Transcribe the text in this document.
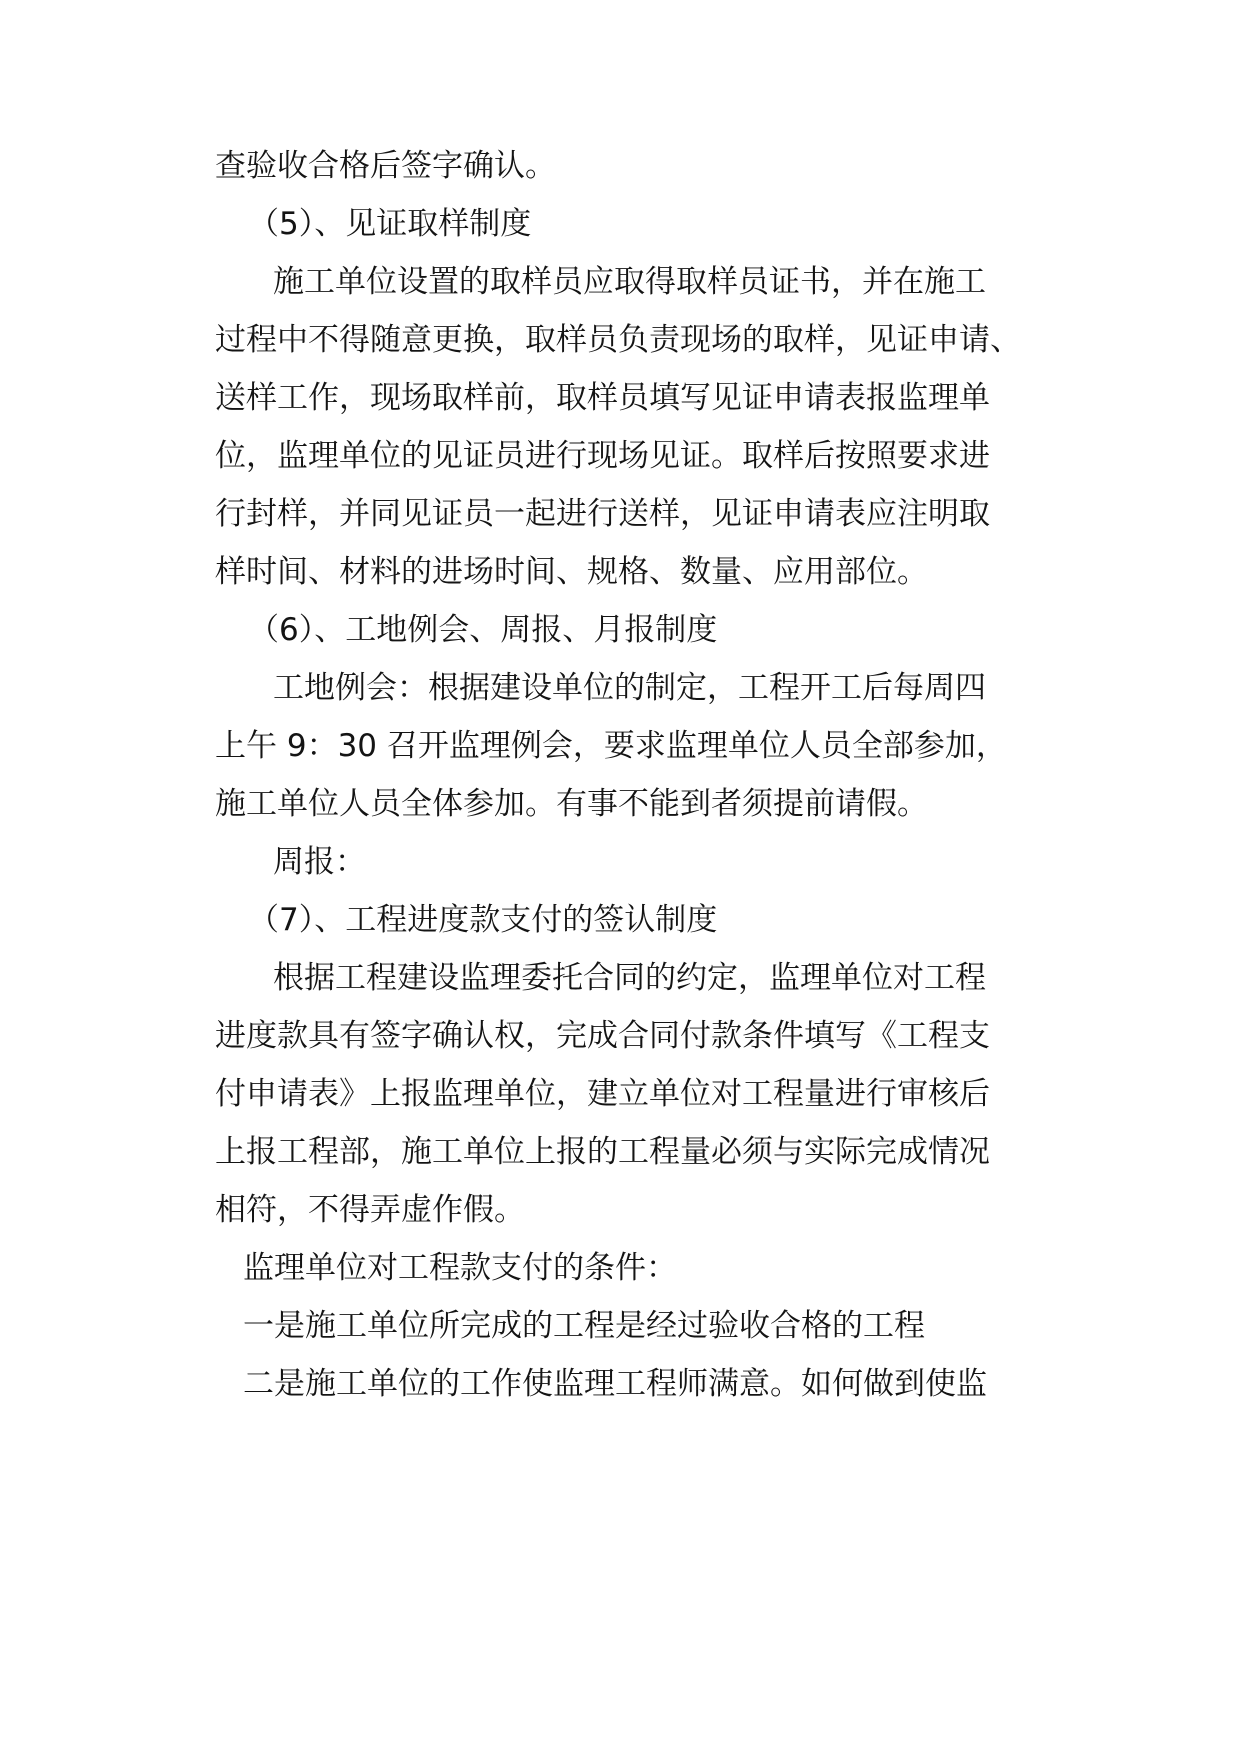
查验收合格后签字确认。

（5）、见证取样制度

施工单位设置的取样员应取得取样员证书，并在施工

过程中不得随意更换，取样员负责现场的取样，见证申请、

送样工作，现场取样前，取样员填写见证申请表报监理单

位，监理单位的见证员进行现场见证。取样后按照要求进

行封样，并同见证员一起进行送样，见证申请表应注明取

样时间、材料的进场时间、规格、数量、应用部位。

（6）、工地例会、周报、月报制度

工地例会：根据建设单位的制定，工程开工后每周四

上午 9：30 召开监理例会，要求监理单位人员全部参加，

施工单位人员全体参加。有事不能到者须提前请假。

周报：

（7）、工程进度款支付的签认制度

根据工程建设监理委托合同的约定，监理单位对工程

进度款具有签字确认权，完成合同付款条件填写《工程支

付申请表》上报监理单位，建立单位对工程量进行审核后

上报工程部，施工单位上报的工程量必须与实际完成情况

相符，不得弄虚作假。

监理单位对工程款支付的条件：

一是施工单位所完成的工程是经过验收合格的工程

二是施工单位的工作使监理工程师满意。如何做到使监
